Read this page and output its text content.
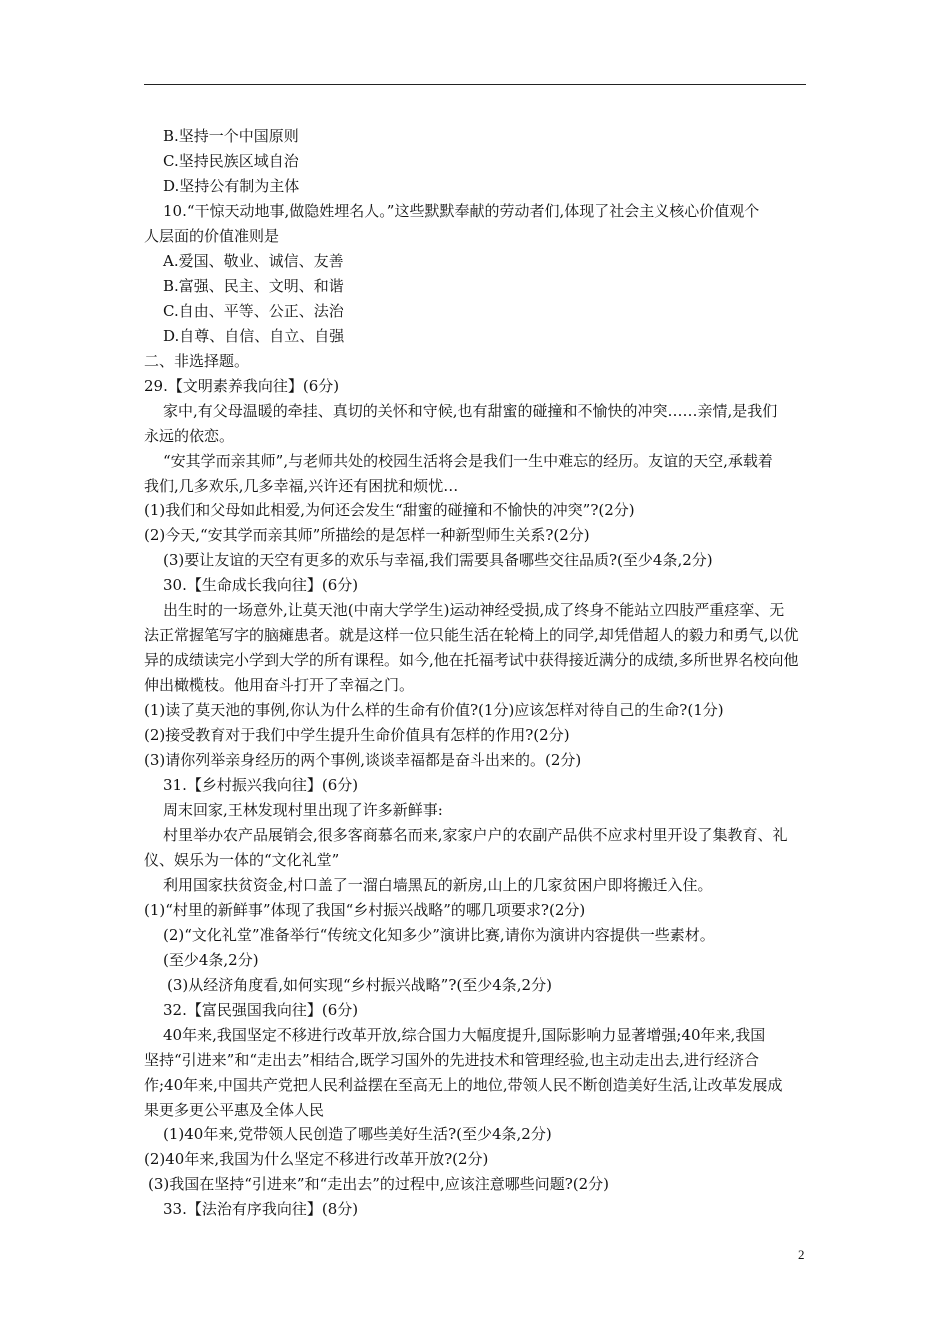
B.坚持一个中国原则
C.坚持民族区域自治
D.坚持公有制为主体
10.“干惊天动地事,做隐姓埋名人。”这些默默奉献的劳动者们,体现了社会主义核心价值观个
人层面的价值准则是
A.爱国、敬业、诚信、友善
B.富强、民主、文明、和谐
C.自由、平等、公正、法治
D.自尊、自信、自立、自强
二、非选择题。
29.【文明素养我向往】(6分)
家中,有父母温暖的牵挂、真切的关怀和守候,也有甜蜜的碰撞和不愉快的冲突……亲情,是我们
永远的依恋。
“安其学而亲其师”,与老师共处的校园生活将会是我们一生中难忘的经历。友谊的天空,承载着
我们,几多欢乐,几多幸福,兴许还有困扰和烦忧…
(1)我们和父母如此相爱,为何还会发生“甜蜜的碰撞和不愉快的冲突”?(2分)
(2)今天,“安其学而亲其师”所描绘的是怎样一种新型师生关系?(2分)
(3)要让友谊的天空有更多的欢乐与幸福,我们需要具备哪些交往品质?(至少4条,2分)
30.【生命成长我向往】(6分)
出生时的一场意外,让莫天池(中南大学学生)运动神经受损,成了终身不能站立四肢严重痉挛、无
法正常握笔写字的脑瘫患者。就是这样一位只能生活在轮椅上的同学,却凭借超人的毅力和勇气,以优
异的成绩读完小学到大学的所有课程。如今,他在托福考试中获得接近满分的成绩,多所世界名校向他
伸出橄榄枝。他用奋斗打开了幸福之门。
(1)读了莫天池的事例,你认为什么样的生命有价值?(1分)应该怎样对待自己的生命?(1分)
(2)接受教育对于我们中学生提升生命价值具有怎样的作用?(2分)
(3)请你列举亲身经历的两个事例,谈谈幸福都是奋斗出来的。(2分)
31.【乡村振兴我向往】(6分)
周末回家,王林发现村里出现了许多新鲜事:
村里举办农产品展销会,很多客商慕名而来,家家户户的农副产品供不应求村里开设了集教育、礼
仪、娱乐为一体的“文化礼堂”
利用国家扶贫资金,村口盖了一溜白墙黑瓦的新房,山上的几家贫困户即将搬迁入住。
(1)“村里的新鲜事”体现了我国“乡村振兴战略”的哪几项要求?(2分)
(2)“文化礼堂”准备举行“传统文化知多少”演讲比赛,请你为演讲内容提供一些素材。
(至少4条,2分)
(3)从经济角度看,如何实现“乡村振兴战略”?(至少4条,2分)
32.【富民强国我向往】(6分)
40年来,我国坚定不移进行改革开放,综合国力大幅度提升,国际影响力显著增强;40年来,我国
坚持“引进来”和“走出去”相结合,既学习国外的先进技术和管理经验,也主动走出去,进行经济合
作;40年来,中国共产党把人民利益摆在至高无上的地位,带领人民不断创造美好生活,让改革发展成
果更多更公平惠及全体人民
(1)40年来,党带领人民创造了哪些美好生活?(至少4条,2分)
(2)40年来,我国为什么坚定不移进行改革开放?(2分)
(3)我国在坚持“引进来”和“走出去”的过程中,应该注意哪些问题?(2分)
33.【法治有序我向往】(8分)
2
